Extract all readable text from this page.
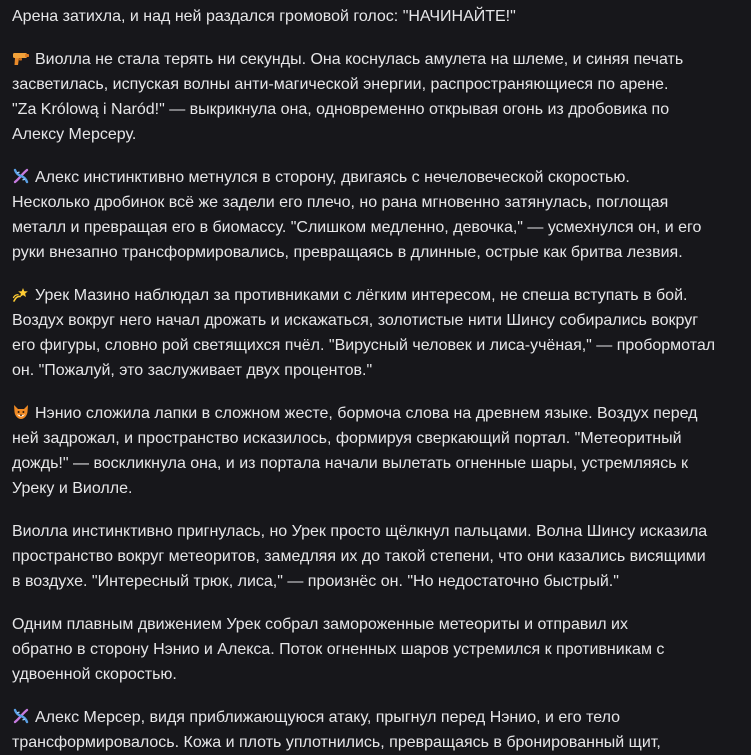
Арена затихла, и над ней раздался громовой голос: "НАЧИНАЙТЕ!"

Виолла не стала терять ни секунды. Она коснулась амулета на шлеме, и синяя печать
засветилась, испуская волны анти-магической энергии, распространяющиеся по арене.
"Za Królową i Naród!" — выкрикнула она, одновременно открывая огонь из дробовика по
Алексу Мерсеру.

Алекс инстинктивно метнулся в сторону, двигаясь с нечеловеческой скоростью.
Несколько дробинок всё же задели его плечо, но рана мгновенно затянулась, поглощая
металл и превращая его в биомассу. "Слишком медленно, девочка," — усмехнулся он, и его
руки внезапно трансформировались, превращаясь в длинные, острые как бритва лезвия.

Урек Мазино наблюдал за противниками с лёгким интересом, не спеша вступать в бой.
Воздух вокруг него начал дрожать и искажаться, золотистые нити Шинсу собирались вокруг
его фигуры, словно рой светящихся пчёл. "Вирусный человек и лиса-учёная," — пробормотал
он. "Пожалуй, это заслуживает двух процентов."

Нэнио сложила лапки в сложном жесте, бормоча слова на древнем языке. Воздух перед
ней задрожал, и пространство исказилось, формируя сверкающий портал. "Метеоритный
дождь!" — воскликнула она, и из портала начали вылетать огненные шары, устремляясь к
Уреку и Виолле.

Виолла инстинктивно пригнулась, но Урек просто щёлкнул пальцами. Волна Шинсу исказила
пространство вокруг метеоритов, замедляя их до такой степени, что они казались висящими
в воздухе. "Интересный трюк, лиса," — произнёс он. "Но недостаточно быстрый."

Одним плавным движением Урек собрал замороженные метеориты и отправил их
обратно в сторону Нэнио и Алекса. Поток огненных шаров устремился к противникам с
удвоенной скоростью.

Алекс Мерсер, видя приближающуюся атаку, прыгнул перед Нэнио, и его тело
трансформировалось. Кожа и плоть уплотнились, превращаясь в бронированный щит,
